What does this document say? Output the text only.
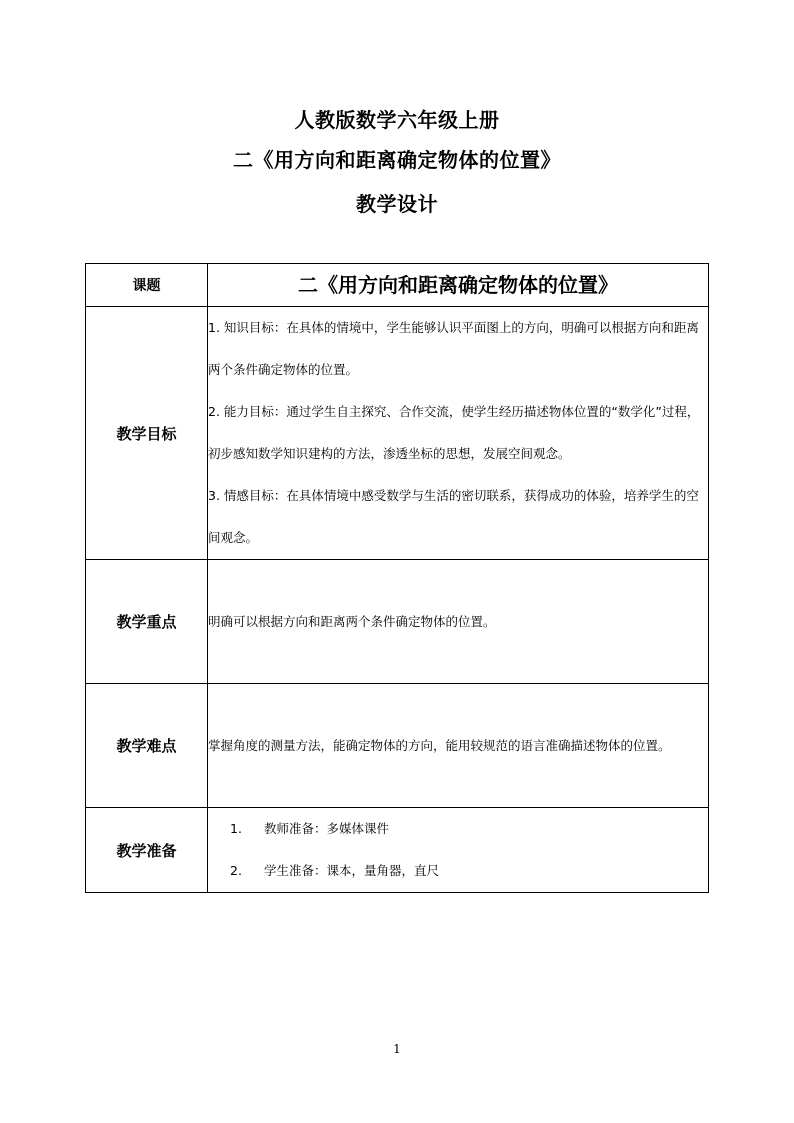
人教版数学六年级上册
二《用方向和距离确定物体的位置》
教学设计
课题	二《用方向和距离确定物体的位置》
教学目标	1. 知识目标：在具体的情境中，学生能够认识平面图上的方向，明确可以根据方向和距离两个条件确定物体的位置。
2. 能力目标：通过学生自主探究、合作交流，使学生经历描述物体位置的“数学化”过程，初步感知数学知识建构的方法，渗透坐标的思想，发展空间观念。
3. 情感目标：在具体情境中感受数学与生活的密切联系，获得成功的体验，培养学生的空间观念。

教学重点	明确可以根据方向和距离两个条件确定物体的位置。
教学难点	掌握角度的测量方法，能确定物体的方向，能用较规范的语言准确描述物体的位置。
教学准备	1. 教师准备：多媒体课件
2. 学生准备：课本，量角器，直尺
1
